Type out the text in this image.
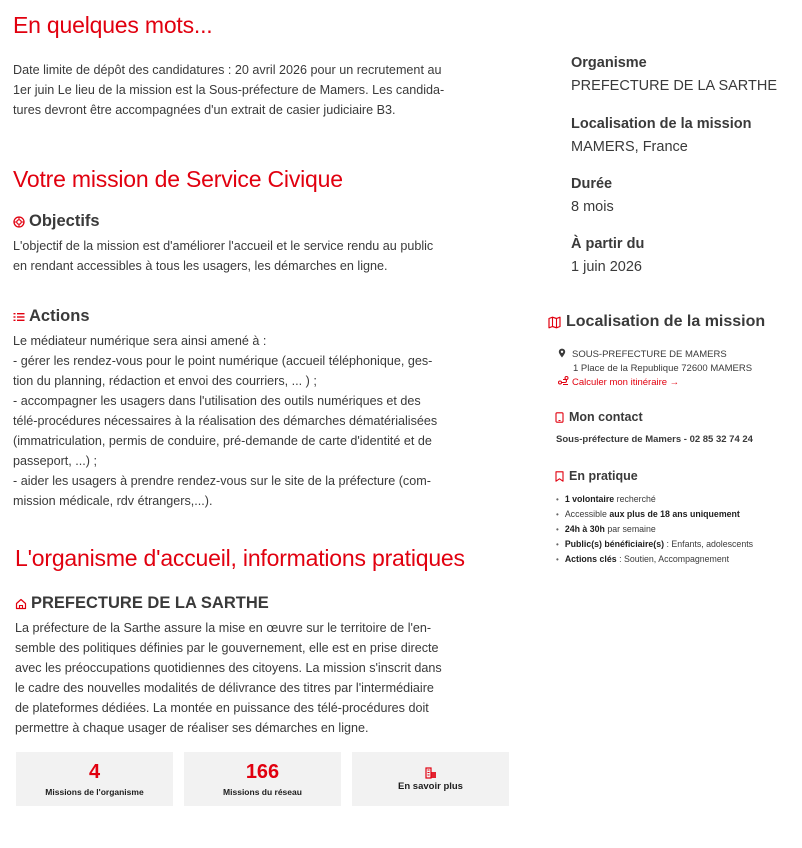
En quelques mots...

Date limite de dépôt des candidatures : 20 avril 2026 pour un recrutement au

1er juin Le lieu de la mission est la Sous-préfecture de Mamers. Les candida-

tures devront être accompagnées d'un extrait de casier judiciaire B3.

Votre mission de Service Civique
Objectifs

L'objectif de la mission est d'améliorer l'accueil et le service rendu au public

en rendant accessibles à tous les usagers, les démarches en ligne.

Actions

Le médiateur numérique sera ainsi amené à :

- gérer les rendez-vous pour le point numérique (accueil téléphonique, ges-

tion du planning, rédaction et envoi des courriers, ... ) ;

- accompagner les usagers dans l'utilisation des outils numériques et des

télé-procédures nécessaires à la réalisation des démarches dématérialisées

(immatriculation, permis de conduire, pré-demande de carte d'identité et de

passeport, ...) ;

- aider les usagers à prendre rendez-vous sur le site de la préfecture (com-

mission médicale, rdv étrangers,...).

L'organisme d'accueil, informations pratiques
PREFECTURE DE LA SARTHE

La préfecture de la Sarthe assure la mise en œuvre sur le territoire de l'en-

semble des politiques définies par le gouvernement, elle est en prise directe

avec les préoccupations quotidiennes des citoyens. La mission s'inscrit dans

le cadre des nouvelles modalités de délivrance des titres par l'intermédiaire

de plateformes dédiées. La montée en puissance des télé-procédures doit

permettre à chaque usager de réaliser ses démarches en ligne.

4
Missions de l'organisme
166
Missions du réseau	En savoir plus
Organisme
PREFECTURE DE LA SARTHE
Localisation de la mission
MAMERS, France
Durée
8 mois
À partir du
1 juin 2026
Localisation de la mission
SOUS-PREFECTURE DE MAMERS
1 Place de la Republique 72600 MAMERS
Calculer mon itinéraire →
Mon contact
Sous-préfecture de Mamers - 02 85 32 74 24
En pratique
• 1 volontaire recherché
• Accessible aux plus de 18 ans uniquement
• 24h à 30h par semaine
• Public(s) bénéficiaire(s) : Enfants, adolescents
• Actions clés : Soutien, Accompagnement
